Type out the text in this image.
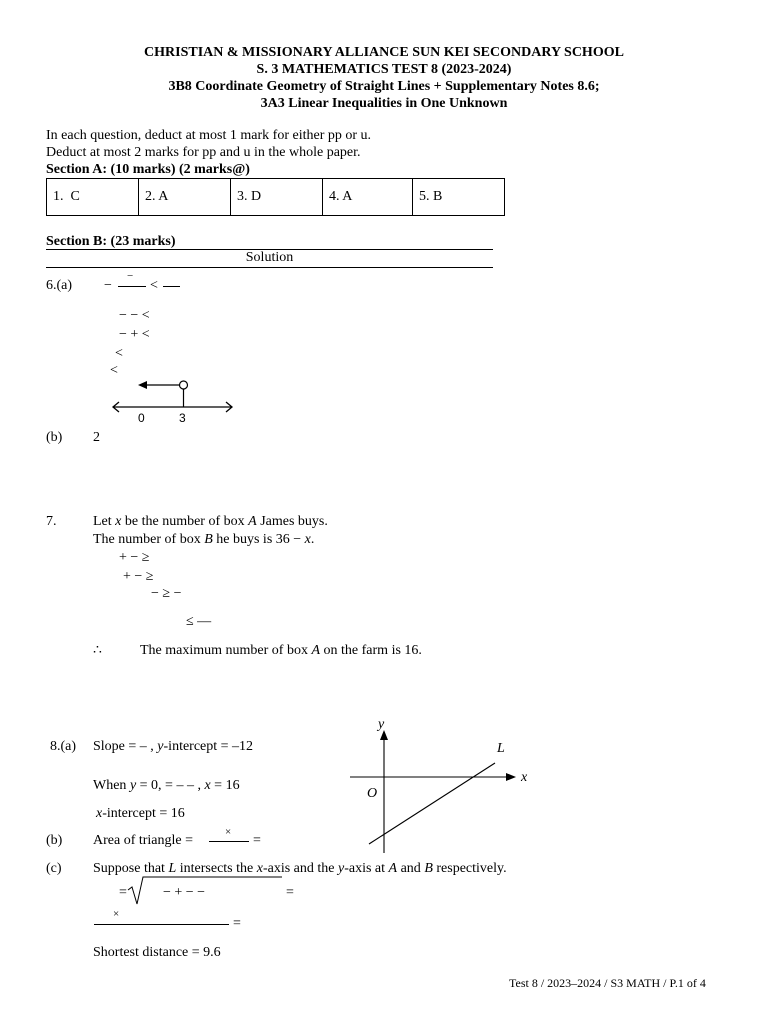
CHRISTIAN & MISSIONARY ALLIANCE SUN KEI SECONDARY SCHOOL
S. 3 MATHEMATICS TEST 8 (2023-2024)
3B8 Coordinate Geometry of Straight Lines + Supplementary Notes 8.6;
3A3 Linear Inequalities in One Unknown
In each question, deduct at most 1 mark for either pp or u.
Deduct at most 2 marks for pp and u in the whole paper.
Section A: (10 marks) (2 marks@)
1. C	2. A	3. D	4. A	5. B
Section B: (23 marks)
Solution
6.(a) −
−
<
− − <
− + <
<
<
0	3
(b) 2
7.	Let x be the number of box A James buys.
The number of box B he buys is 36 − x.
+ − ≥
+ − ≥
− ≥ −
≤ —
∴	The maximum number of box A on the farm is 16.
8.(a) Slope = – , y-intercept = –12
When y = 0, = – – , x = 16
x-intercept = 16
(b) Area of triangle =
×
=
(c) Suppose that L intersects the x-axis and the y-axis at A and B respectively.
=	− + − −	=
×
=
Shortest distance = 9.6
y
x
L
O
Test 8 / 2023–2024 / S3 MATH / P.1 of 4
